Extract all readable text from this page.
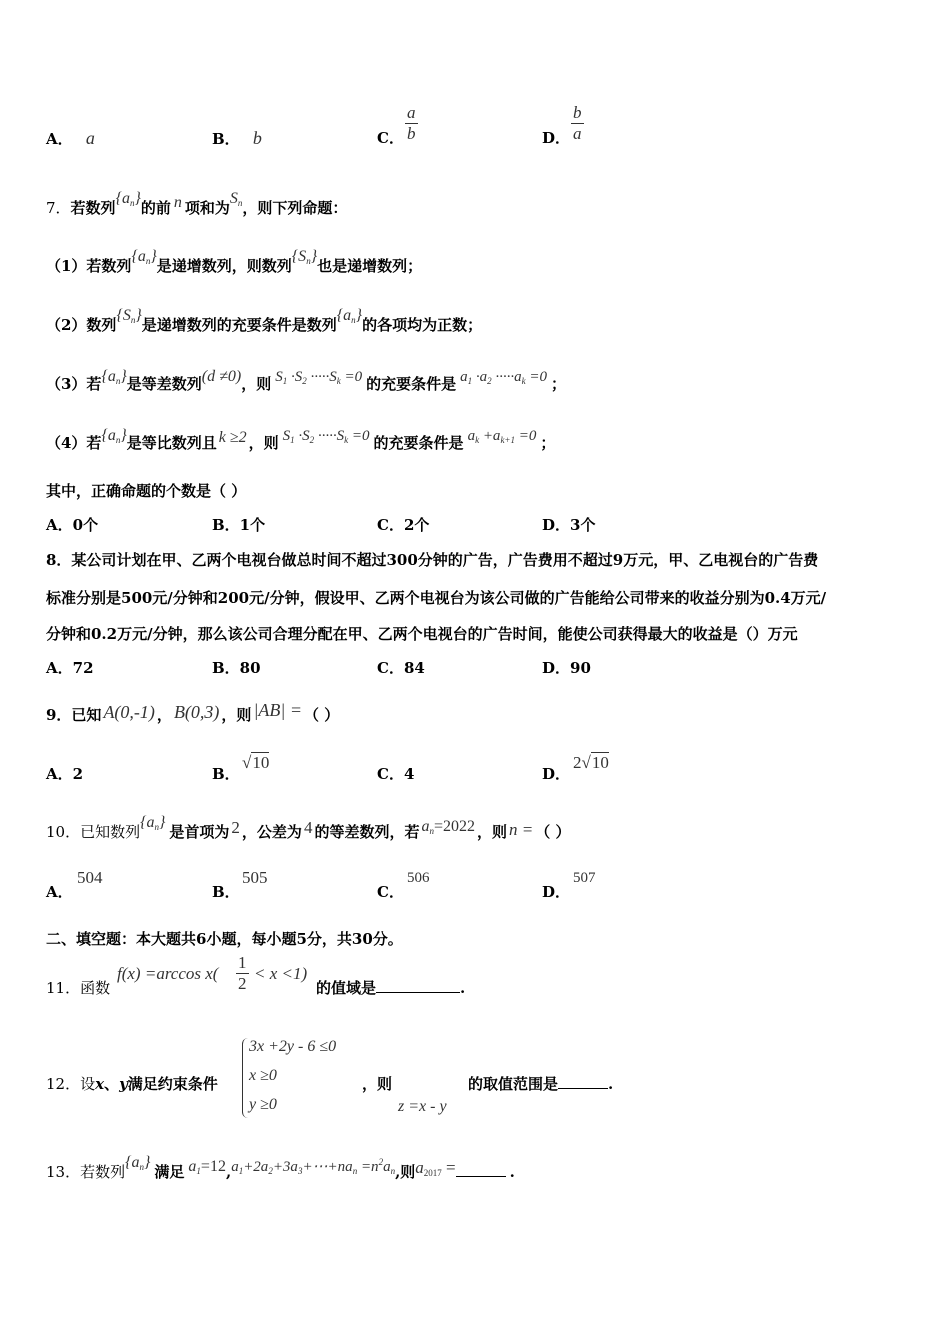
A． a	B． b	C． $\frac{a}{b}$	D． $\frac{b}{a}$
7．若数列$\{a_n\}$的前 n 项和为$S_n$，则下列命题：
（1）若数列$\{a_n\}$是递增数列，则数列$\{S_n\}$也是递增数列；
（2）数列$\{S_n\}$是递增数列的充要条件是数列$\{a_n\}$的各项均为正数；
（3）若$\{a_n\}$是等差数列(d ≠0)，则 $S_1 \cdot S_2 \cdot\cdot\cdot\cdot\cdot S_k =0$ 的充要条件是 $a_1 \cdot a_2 \cdot\cdot\cdot\cdot\cdot a_k =0$ ；
（4）若$\{a_n\}$是等比数列且 k ≥2 ，则 $S_1 \cdot S_2 \cdot\cdot\cdot\cdot\cdot S_k =0$ 的充要条件是 $a_k +a_{k+1} =0$ ；
其中，正确命题的个数是（ ）
A．0个	B．1个	C．2个	D．3个
8．某公司计划在甲、乙两个电视台做总时间不超过300分钟的广告，广告费用不超过9万元，甲、乙电视台的广告费
标准分别是500元/分钟和200元/分钟，假设甲、乙两个电视台为该公司做的广告能给公司带来的收益分别为0.4万元/
分钟和0.2万元/分钟，那么该公司合理分配在甲、乙两个电视台的广告时间，能使公司获得最大的收益是（）万元
A．72	B．80	C．84	D．90
9．已知 A(0,-1) ， B(0,3) ，则 |AB| = （ ）
A．2	B．
√10
C．4	D．
2√10
10．已知数列$\{a_n\}$是首项为 2 ，公差为 4 的等差数列，若 $a_n=2022$ ，则 n = （ ）
A．
504
B．
505
C．
506
D．
507
二、填空题：本大题共6小题，每小题5分，共30分。
11．函数
f(x) =arccos $x( \frac{1}{2} < x <1)$
的值域是	.
12．设x、y满足约束条件
3x +2y - 6 ≤0
x ≥0
y ≥0
，则
z =x - y
的取值范围是	.
13．若数列$\{a_n\}$满足 $a_1=12,a_1+2a_2+3a_3+\cdots+na_n =n^2a_n$,则$a_{2017}$ =	.
